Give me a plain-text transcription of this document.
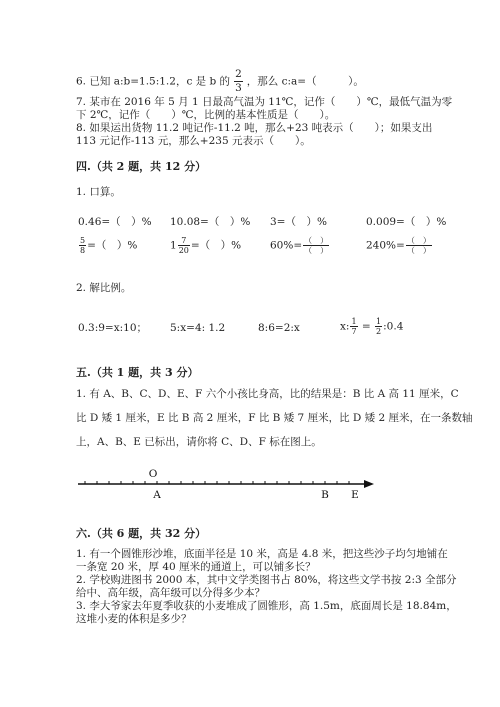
6. 已知 a:b=1.5:1.2，c 是 b 的 $\frac{2}{3}$ ，那么 c:a=（　　　）。
7. 某市在 2016 年 5 月 1 日最高气温为 11℃，记作（　　）℃，最低气温为零
下 2℃，记作（　　）℃，比例的基本性质是（　　）。
8. 如果运出货物 11.2 吨记作-11.2 吨，那么+23 吨表示（　　）；如果支出
113 元记作-113 元，那么+235 元表示（　　）。
四.（共 2 题，共 12 分）
1. 口算。
0.46=（　）% 10.08=（　）% 3=（　）%	0.009=（　）%
$\frac{5}{8}$ =（　）%	$1 \frac{7}{20}$ =（　）%	$60\%= \frac{( )}{( )}$	$240\%= \frac{( )}{( )}$
2. 解比例。
0.3:9=x:10； 5:x=4: 1.2	8:6=2:x	x: $\frac{1}{7} = \frac{1}{2}$ :0.4
五.（共 1 题，共 3 分）
1. 有 A、B、C、D、E、F 六个小孩比身高，比的结果是：B 比 A 高 11 厘米，C
比 D 矮 1 厘米，E 比 B 高 2 厘米，F 比 B 矮 7 厘米，比 D 矮 2 厘米，在一条数轴
上，A、B、E 已标出，请你将 C、D、F 标在图上。
O
A	B E
六.（共 6 题，共 32 分）
1. 有一个圆锥形沙堆，底面半径是 10 米，高是 4.8 米，把这些沙子均匀地铺在
一条宽 20 米，厚 40 厘米的通道上，可以铺多长？
2. 学校购进图书 2000 本，其中文学类图书占 80%，将这些文学书按 2:3 全部分
给中、高年级，高年级可以分得多少本？
3. 李大爷家去年夏季收获的小麦堆成了圆锥形，高 1.5m，底面周长是 18.84m，
这堆小麦的体积是多少？
